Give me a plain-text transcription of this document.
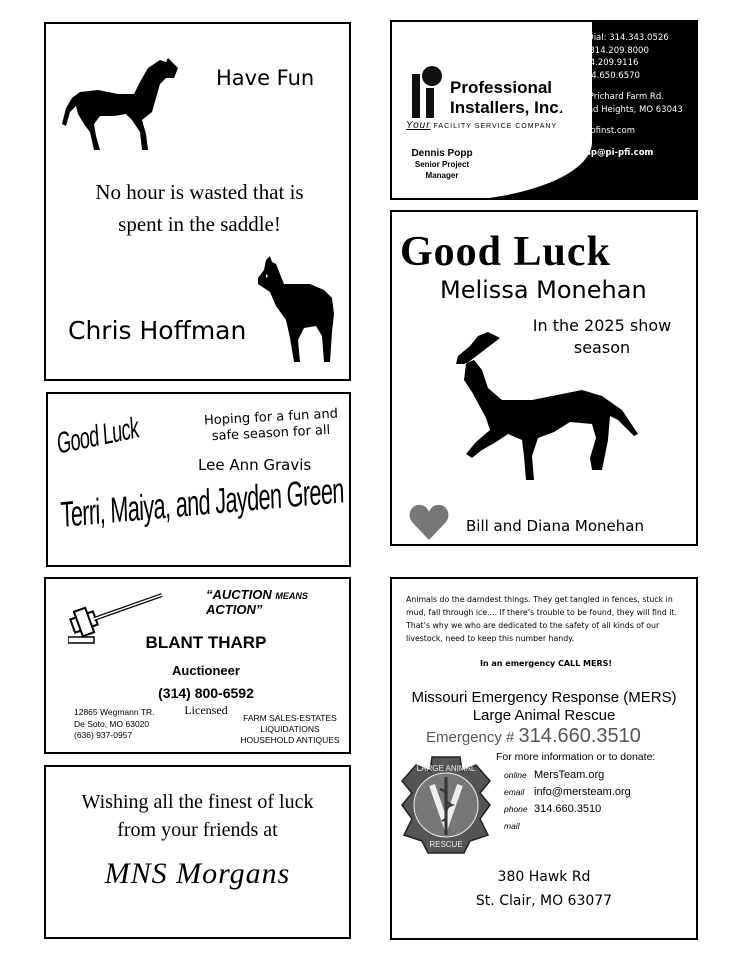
Have Fun
No hour is wasted that is
spent in the saddle!
Chris Hoffman
Professional
Installers, Inc.
Your FACILITY SERVICE COMPANY
Dennis Popp
Senior Project
Manager
Direct Dial: 314.343.0526
Office: 314.209.8000
Fax: 314.209.9116
Cell: 314.650.6570
12100 Prichard Farm Rd.
Maryland Heights, MO 63043
www.profinst.com
dennisp@pi-pfi.com
Good Luck
Melissa Monehan
In the 2025 show
season
Bill and Diana Monehan
Good Luck	Hoping for a fun and
safe season for all
Lee Ann Gravis
Terri, Maiya, and Jayden Green
“AUCTION MEANS ACTION”
BLANT THARP
Auctioneer
(314) 800-6592
Licensed
12865 Wegmann TR.
De Soto, MO 63020
(636) 937-0957
FARM SALES-ESTATES
LIQUIDATIONS
HOUSEHOLD ANTIQUES
Animals do the darndest things. They get tangled in fences, stuck in
mud, fall through ice.... If there’s trouble to be found, they will find it.
That’s why we who are dedicated to the safety of all kinds of our
livestock, need to keep this number handy.
In an emergency CALL MERS!
Missouri Emergency Response (MERS)
Large Animal Rescue
Emergency # 314.660.3510
For more information or to donate:
online MersTeam.org
email info@mersteam.org
phone 314.660.3510
mail
LARGE ANIMAL
RESCUE
380 Hawk Rd
St. Clair, MO 63077
Wishing all the finest of luck
from your friends at
MNS Morgans
